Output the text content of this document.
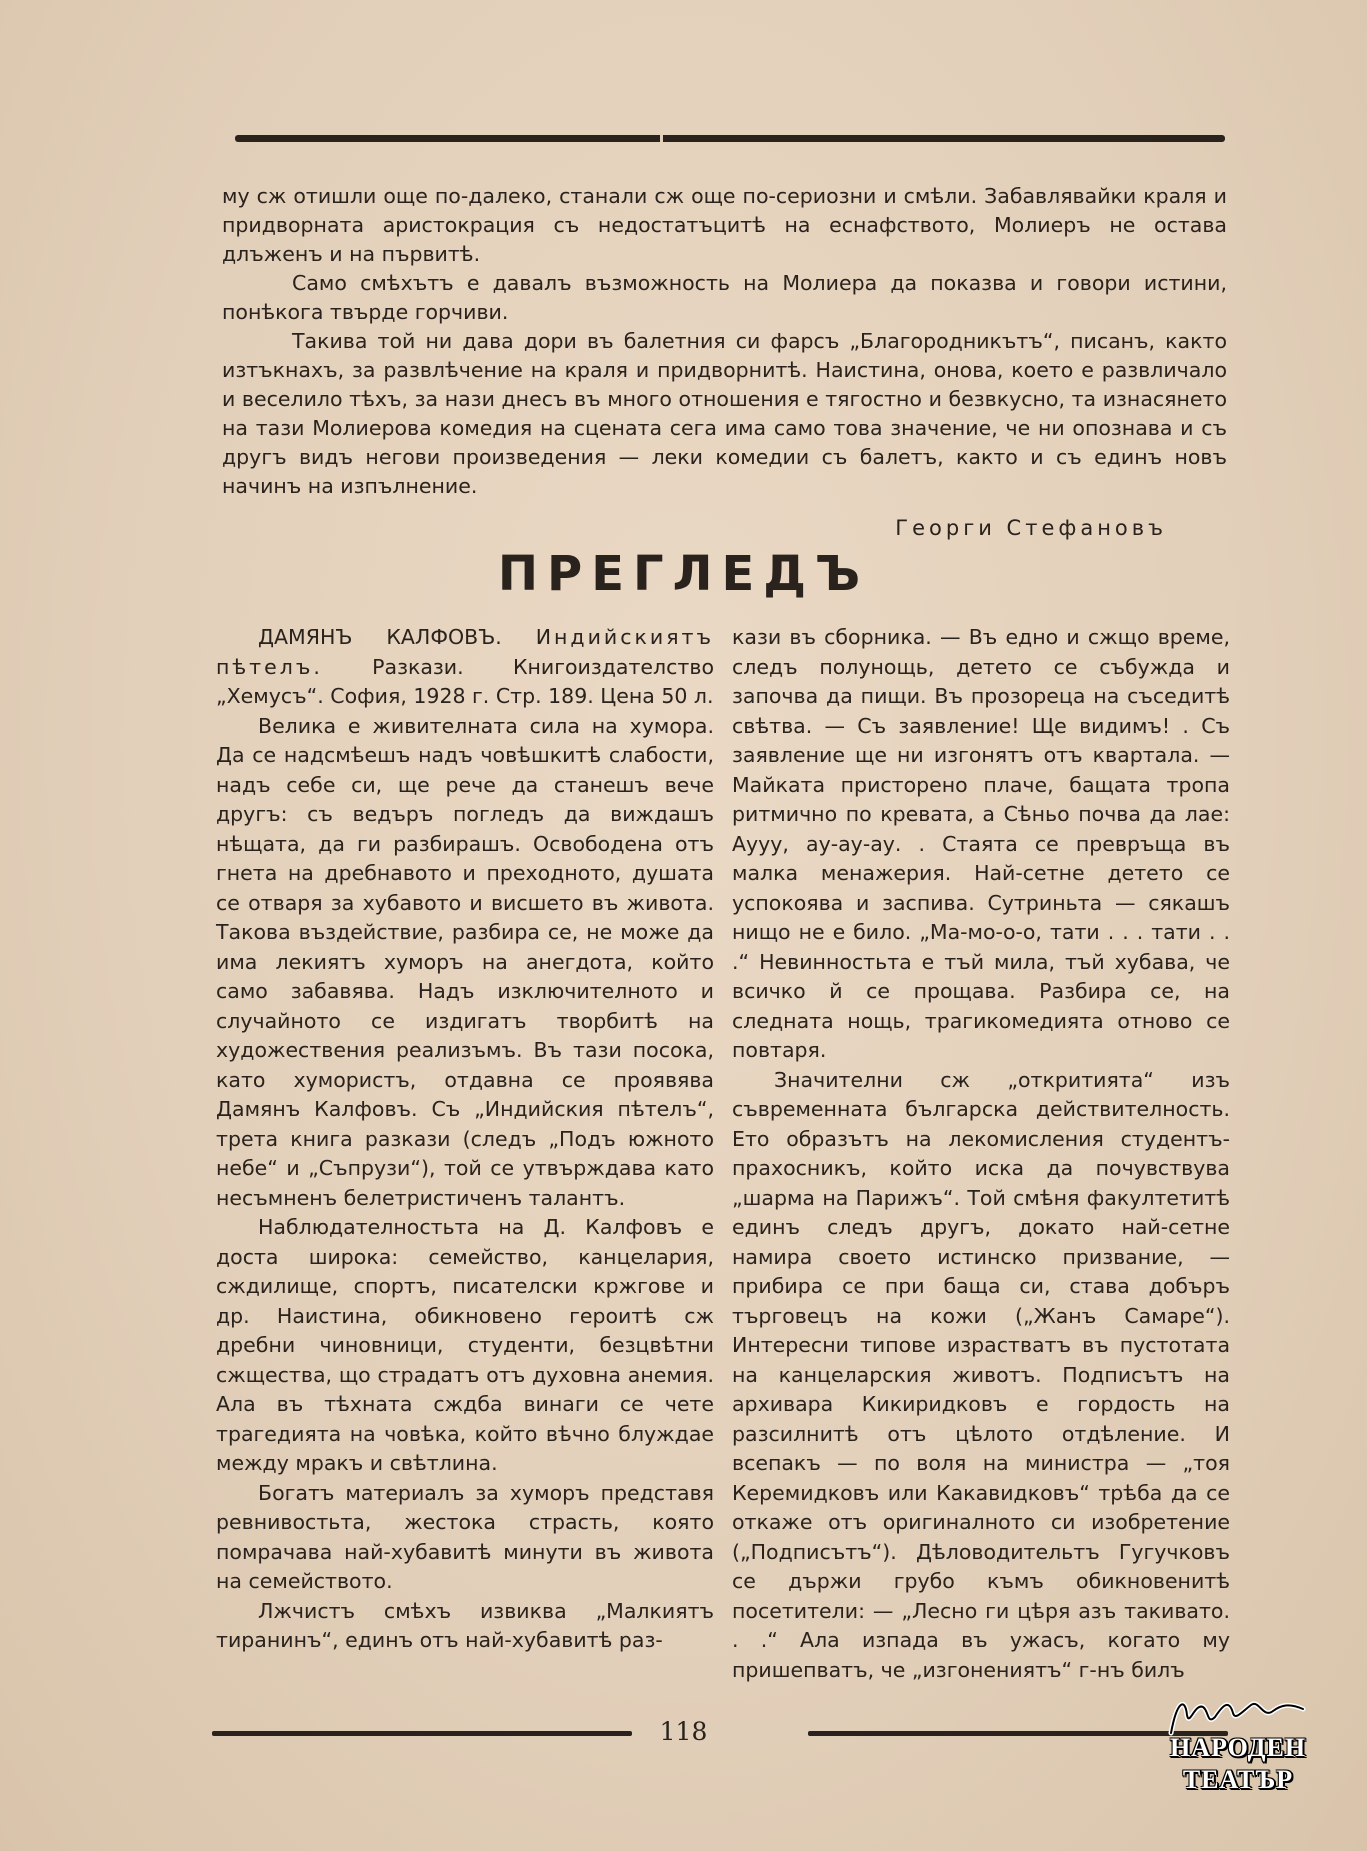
му сж отишли още по-далеко, станали сж още по-сериозни и смѣли. Забавлявайки краля и придворната аристокрация съ недостатъцитѣ на еснафството, Молиеръ не остава длъженъ и на първитѣ.

Само смѣхътъ е давалъ възможность на Молиера да показва и говори истини, понѣкога твърде горчиви.

Такива той ни дава дори въ балетния си фарсъ „Благородникътъ“, писанъ, както изтъкнахъ, за развлѣчение на краля и придворнитѣ. Наистина, онова, което е развличало и веселило тѣхъ, за нази днесъ въ много отношения е тягостно и безвкусно, та изнасянето на тази Молиерова комедия на сцената сега има само това значение, че ни опознава и съ другъ видъ негови произведения — леки комедии съ балетъ, както и съ единъ новъ начинъ на изпълнение.

Георги Стефановъ
ПРЕГЛЕДЪ

ДАМЯНЪ КАЛФОВЪ. Индийскиятъ пѣтелъ. Разкази. Книгоиздателство „Хемусъ“. София, 1928 г. Стр. 189. Цена 50 л.

Велика е живителната сила на хумора. Да се надсмѣешъ надъ човѣшкитѣ слабости, надъ себе си, ще рече да станешъ вече другъ: съ ведъръ погледъ да виждашъ нѣщата, да ги разбирашъ. Освободена отъ гнета на дребнавото и преходното, душата се отваря за хубавото и висшето въ живота. Такова въздействие, разбира се, не може да има лекиятъ хуморъ на анегдота, който само забавява. Надъ изключителното и случайното се издигатъ творбитѣ на художествения реализъмъ. Въ тази посока, като хумористъ, отдавна се проявява Дамянъ Калфовъ. Съ „Индийския пѣтелъ“, трета книга разкази (следъ „Подъ южното небе“ и „Съпрузи“), той се утвърждава като несъмненъ белетристиченъ талантъ.

Наблюдателностьта на Д. Калфовъ е доста широка: семейство, канцелария, сждилище, спортъ, писателски кржгове и др. Наистина, обикновено героитѣ сж дребни чиновници, студенти, безцвѣтни сжщества, що страдатъ отъ духовна анемия. Ала въ тѣхната сждба винаги се чете трагедията на човѣка, който вѣчно блуждае между мракъ и свѣтлина.

Богатъ материалъ за хуморъ представя ревнивостьта, жестока страсть, която помрачава най-хубавитѣ минути въ живота на семейството.

Лжчистъ смѣхъ извиква „Малкиятъ тиранинъ“, единъ отъ най-хубавитѣ раз-

кази въ сборника. — Въ едно и сжщо време, следъ полунощь, детето се събужда и започва да пищи. Въ прозореца на съседитѣ свѣтва. — Съ заявление! Ще видимъ! . Съ заявление ще ни изгонятъ отъ квартала. — Майката присторено плаче, бащата тропа ритмично по кревата, а Сѣньо почва да лае: Аууу, ау-ау-ау. . Стаята се превръща въ малка менажерия. Най-сетне детето се успокоява и заспива. Сутриньта — сякашъ нищо не е било. „Ма-мо-о-о, тати . . . тати . . .“ Невинностьта е тъй мила, тъй хубава, че всичко й се прощава. Разбира се, на следната нощь, трагикомедията отново се повтаря.

Значителни сж „откритията“ изъ съвременната българска действителность. Ето образътъ на лекомисления студентъ-прахосникъ, който иска да почувствува „шарма на Парижъ“. Той смѣня факултетитѣ единъ следъ другъ, докато най-сетне намира своето истинско призвание, — прибира се при баща си, става добъръ търговецъ на кожи („Жанъ Самаре“). Интересни типове израстватъ въ пустотата на канцеларския животъ. Подписътъ на архивара Кикиридковъ е гордость на разсилнитѣ отъ цѣлото отдѣление. И всепакъ — по воля на министра — „тоя Керемидковъ или Какавидковъ“ трѣба да се откаже отъ оригиналното си изобретение („Подписътъ“). Дѣловодительтъ Гугучковъ се държи грубо къмъ обикновенитѣ посетители: — „Лесно ги цѣря азъ такивато. . .“ Ала изпада въ ужасъ, когато му пришепватъ, че „изгонениятъ“ г-нъ билъ

118
НАРОДЕН
ТЕАТЪР
